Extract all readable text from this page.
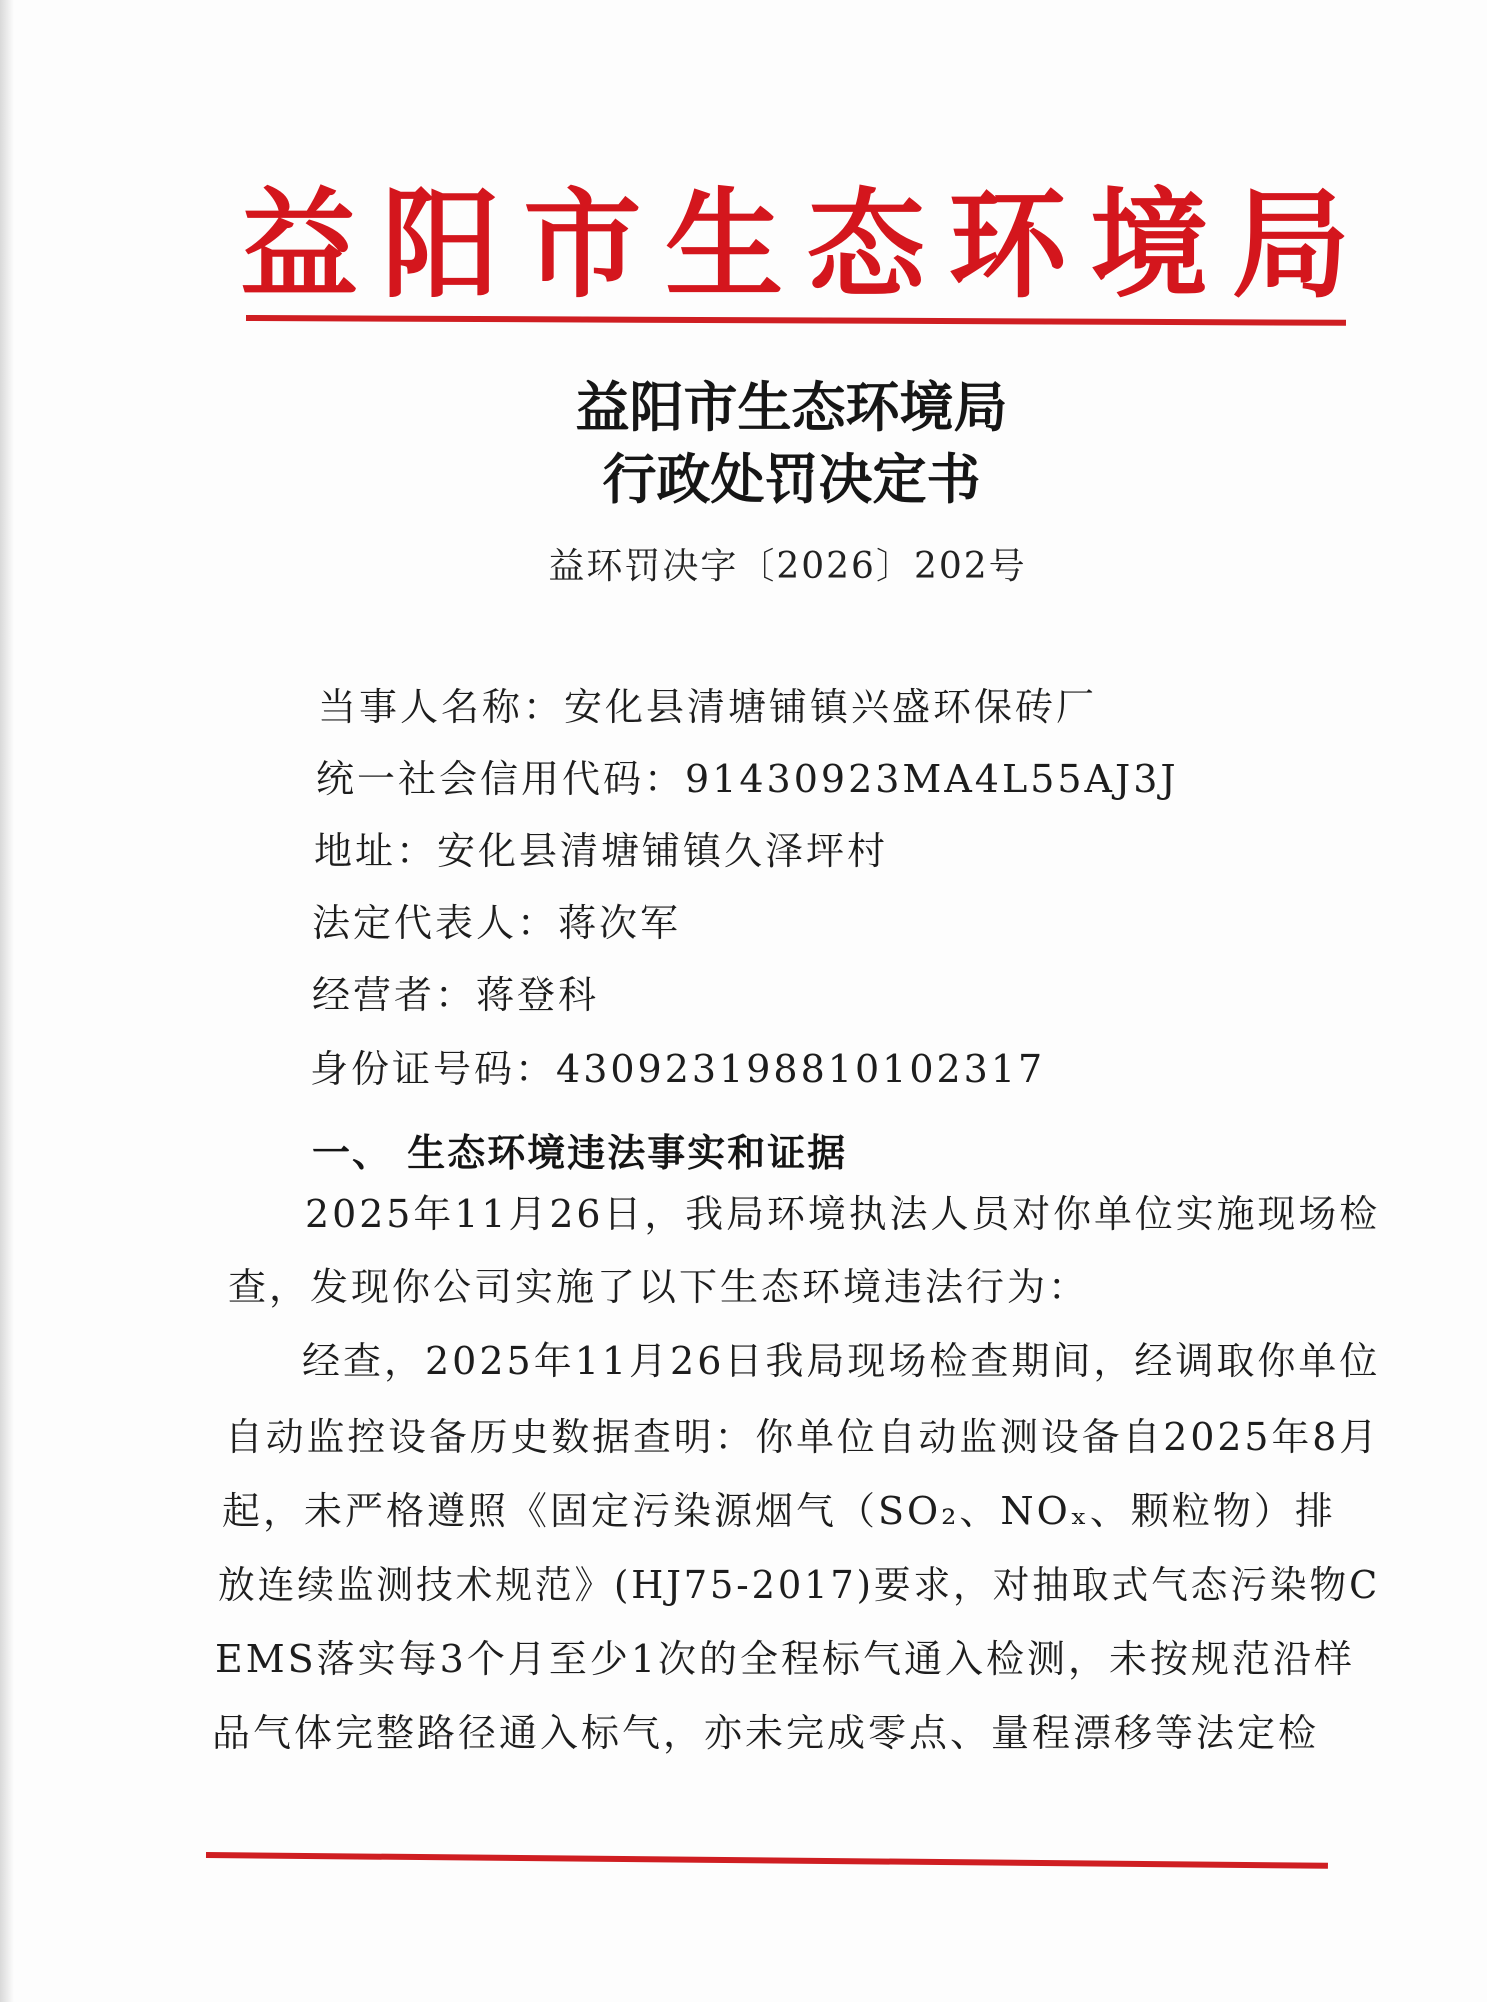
益 阳 市 生 态 环 境 局
益阳市生态环境局
行政处罚决定书
益环罚决字〔2026〕202号
当事人名称：安化县清塘铺镇兴盛环保砖厂
统一社会信用代码：91430923MA4L55AJ3J
地址：安化县清塘铺镇久泽坪村
法定代表人：蒋次军
经营者：蒋登科
身份证号码：430923198810102317
一、 生态环境违法事实和证据
2025年11月26日，我局环境执法人员对你单位实施现场检
查，发现你公司实施了以下生态环境违法行为：
经查，2025年11月26日我局现场检查期间，经调取你单位
自动监控设备历史数据查明：你单位自动监测设备自2025年8月
起，未严格遵照《固定污染源烟气（SO₂、NOₓ、颗粒物）排
放连续监测技术规范》(HJ75-2017)要求，对抽取式气态污染物C
EMS落实每3个月至少1次的全程标气通入检测，未按规范沿样
品气体完整路径通入标气，亦未完成零点、量程漂移等法定检
